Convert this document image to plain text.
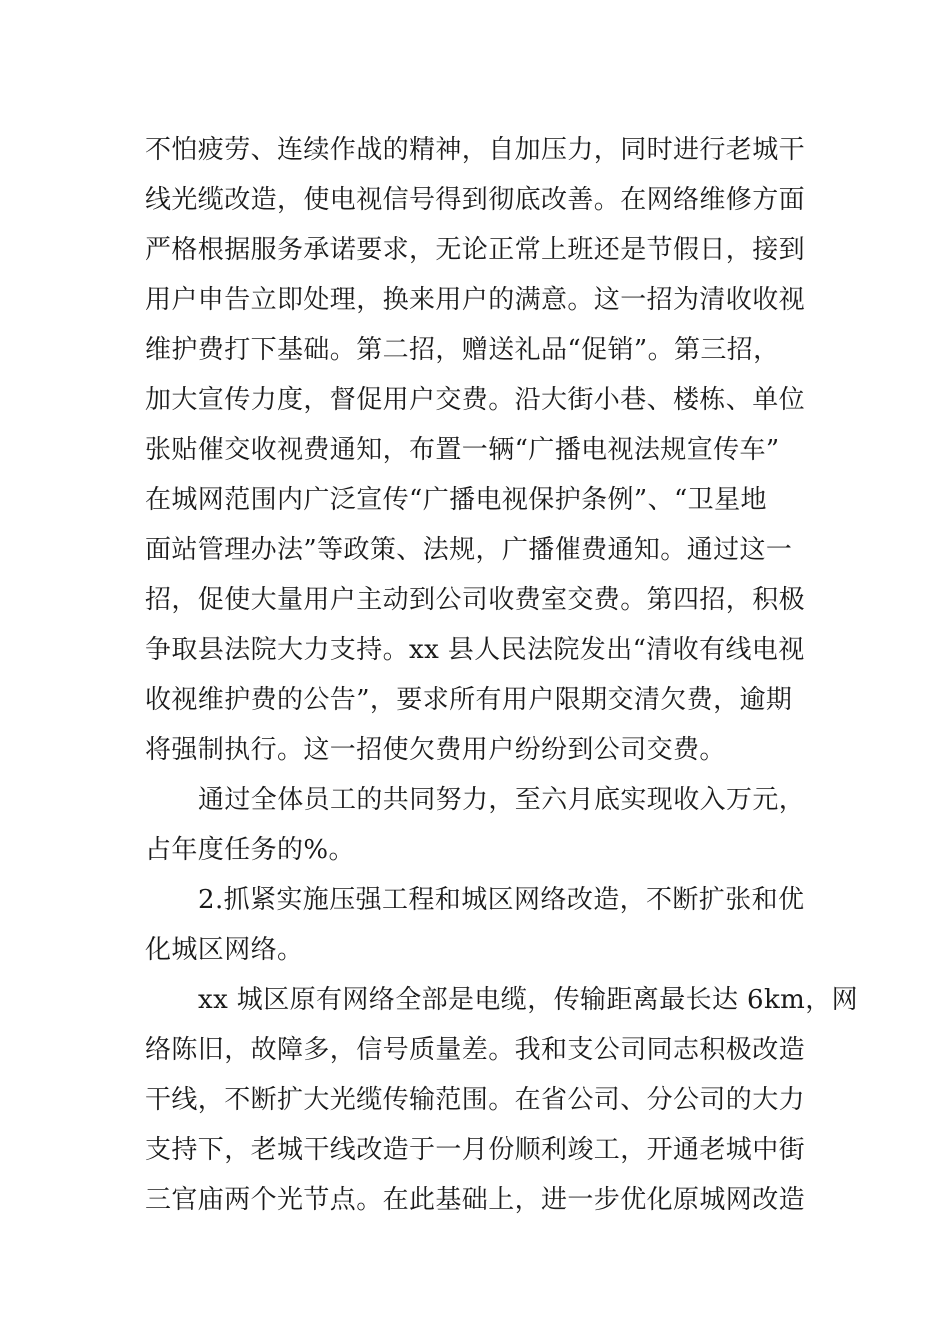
不怕疲劳、连续作战的精神，自加压力，同时进行老城干
线光缆改造，使电视信号得到彻底改善。在网络维修方面
严格根据服务承诺要求，无论正常上班还是节假日，接到
用户申告立即处理，换来用户的满意。这一招为清收收视
维护费打下基础。第二招，赠送礼品“促销”。第三招，
加大宣传力度，督促用户交费。沿大街小巷、楼栋、单位
张贴催交收视费通知，布置一辆“广播电视法规宣传车”
在城网范围内广泛宣传“广播电视保护条例”、“卫星地
面站管理办法”等政策、法规，广播催费通知。通过这一
招，促使大量用户主动到公司收费室交费。第四招，积极
争取县法院大力支持。xx 县人民法院发出“清收有线电视
收视维护费的公告”，要求所有用户限期交清欠费，逾期
将强制执行。这一招使欠费用户纷纷到公司交费。
通过全体员工的共同努力，至六月底实现收入万元，
占年度任务的%。
2.抓紧实施压强工程和城区网络改造，不断扩张和优
化城区网络。
xx 城区原有网络全部是电缆，传输距离最长达 6km，网
络陈旧，故障多，信号质量差。我和支公司同志积极改造
干线，不断扩大光缆传输范围。在省公司、分公司的大力
支持下，老城干线改造于一月份顺利竣工，开通老城中街
三官庙两个光节点。在此基础上，进一步优化原城网改造
